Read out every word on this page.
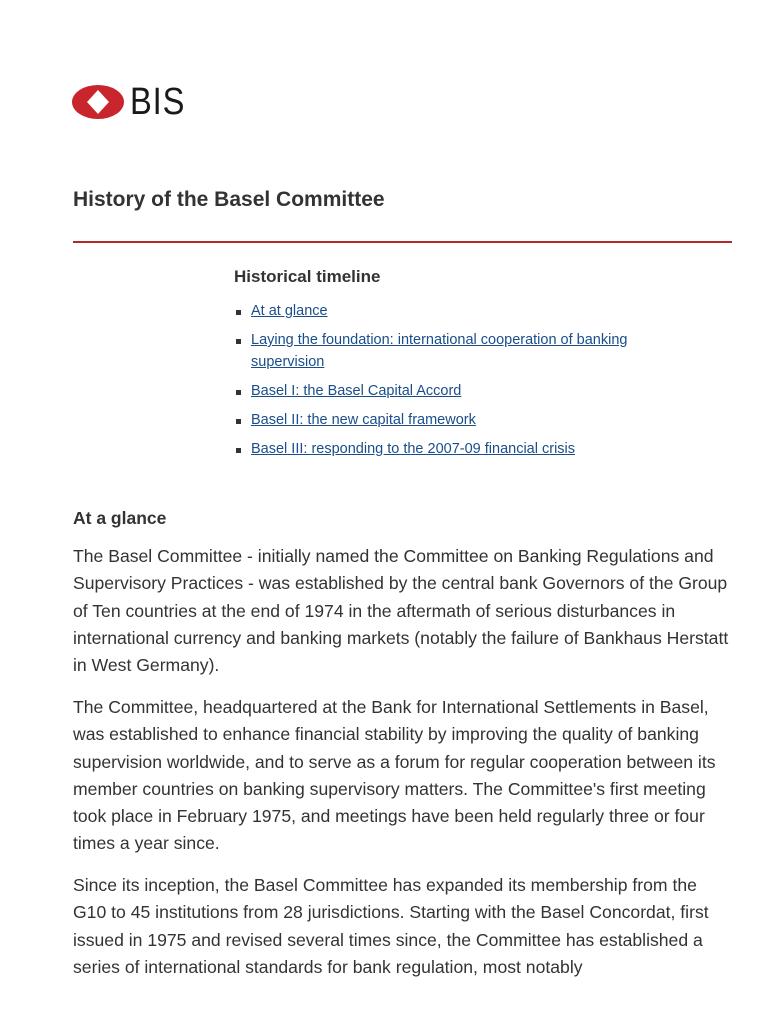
BIS
History of the Basel Committee
Historical timeline
At at glance
Laying the foundation: international cooperation of banking supervision
Basel I: the Basel Capital Accord
Basel II: the new capital framework
Basel III: responding to the 2007-09 financial crisis
At a glance

The Basel Committee - initially named the Committee on Banking Regulations and Supervisory Practices - was established by the central bank Governors of the Group of Ten countries at the end of 1974 in the aftermath of serious disturbances in international currency and banking markets (notably the failure of Bankhaus Herstatt in West Germany).

The Committee, headquartered at the Bank for International Settlements in Basel, was established to enhance financial stability by improving the quality of banking supervision worldwide, and to serve as a forum for regular cooperation between its member countries on banking supervisory matters. The Committee's first meeting took place in February 1975, and meetings have been held regularly three or four times a year since.

Since its inception, the Basel Committee has expanded its membership from the G10 to 45 institutions from 28 jurisdictions. Starting with the Basel Concordat, first issued in 1975 and revised several times since, the Committee has established a series of international standards for bank regulation, most notably
